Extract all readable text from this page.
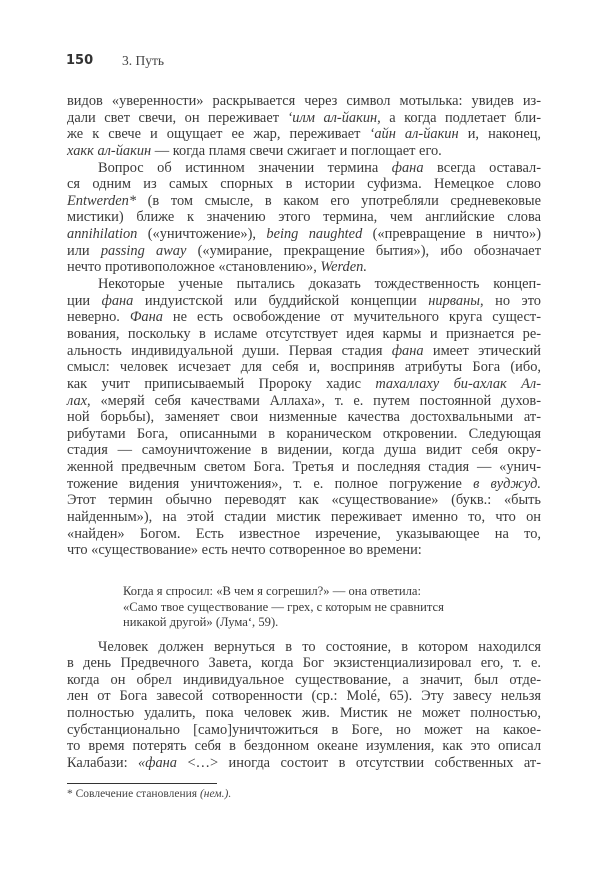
150 3. Путь
видов «уверенности» раскрывается через символ мотылька: увидев из-
дали свет свечи, он переживает ‘илм ал-йакин, а когда подлетает бли-
же к свече и ощущает ее жар, переживает ‘айн ал-йакин и, наконец,
хакк ал-йакин — когда пламя свечи сжигает и поглощает его.
Вопрос об истинном значении термина фана всегда оставал-
ся одним из самых спорных в истории суфизма. Немецкое слово
Entwerden* (в том смысле, в каком его употребляли средневековые
мистики) ближе к значению этого термина, чем английские слова
annihilation («уничтожение»), being naughted («превращение в ничто»)
или passing away («умирание, прекращение бытия»), ибо обозначает
нечто противоположное «становлению», Werden.
Некоторые ученые пытались доказать тождественность концеп-
ции фана индуистской или буддийской концепции нирваны, но это
неверно. Фана не есть освобождение от мучительного круга сущест-
вования, поскольку в исламе отсутствует идея кармы и признается ре-
альность индивидуальной души. Первая стадия фана имеет этический
смысл: человек исчезает для себя и, восприняв атрибуты Бога (ибо,
как учит приписываемый Пророку хадис тахаллаху би-ахлак Ал-
лах, «меряй себя качествами Аллаха», т. е. путем постоянной духов-
ной борьбы), заменяет свои низменные качества достохвальными ат-
рибутами Бога, описанными в кораническом откровении. Следующая
стадия — самоуничтожение в видении, когда душа видит себя окру-
женной предвечным светом Бога. Третья и последняя стадия — «унич-
тожение видения уничтожения», т. е. полное погружение в вуджуд.
Этот термин обычно переводят как «существование» (букв.: «быть
найденным»), на этой стадии мистик переживает именно то, что он
«найден» Богом. Есть известное изречение, указывающее на то,
что «существование» есть нечто сотворенное во времени:
Когда я спросил: «В чем я согрешил?» — она ответила:
«Само твое существование — грех, с которым не сравнится
никакой другой» (Лума‘, 59).
Человек должен вернуться в то состояние, в котором находился
в день Предвечного Завета, когда Бог экзистенциализировал его, т. е.
когда он обрел индивидуальное существование, а значит, был отде-
лен от Бога завесой сотворенности (ср.: Molé, 65). Эту завесу нельзя
полностью удалить, пока человек жив. Мистик не может полностью,
субстанционально [само]уничтожиться в Боге, но может на какое-
то время потерять себя в бездонном океане изумления, как это описал
Калабази: «фана <…> иногда состоит в отсутствии собственных ат-
* Совлечение становления (нем.).
